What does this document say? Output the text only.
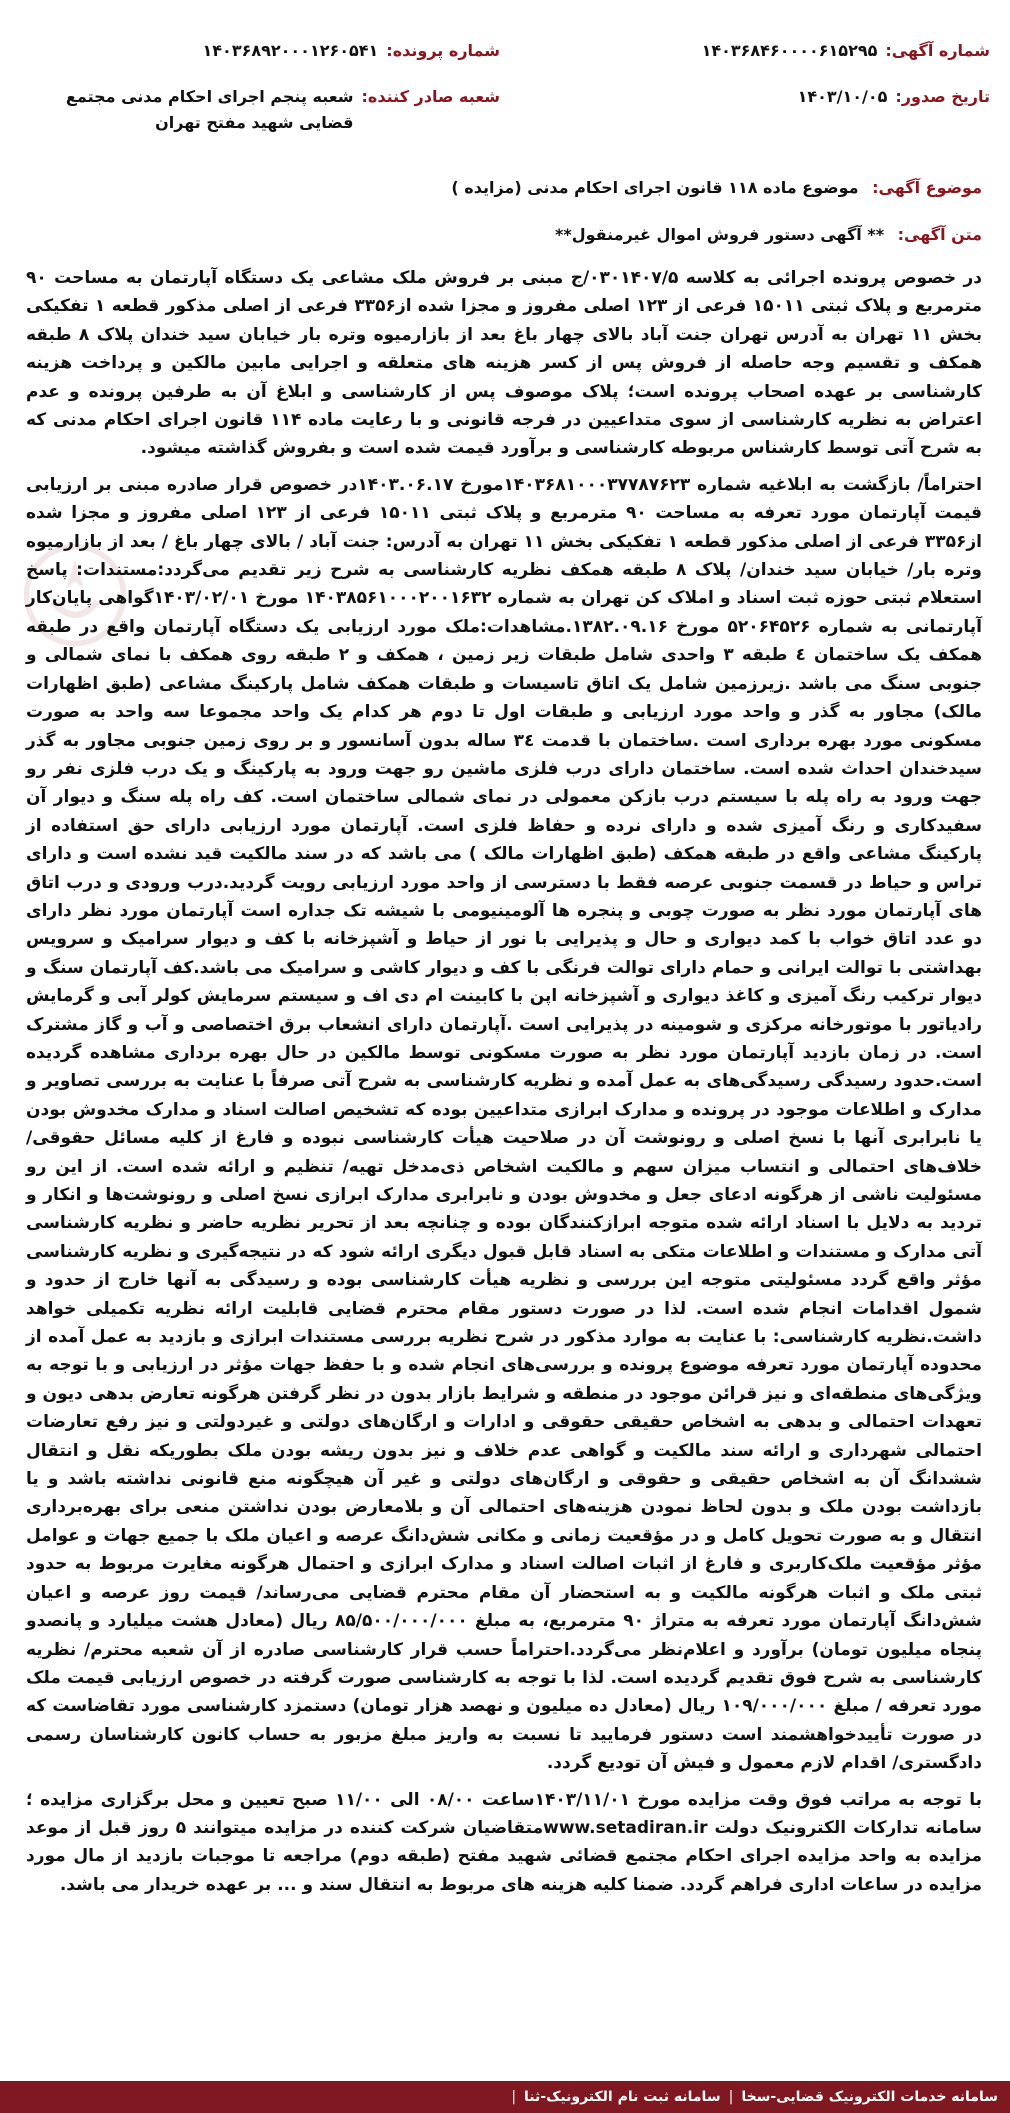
شماره آگهی:
۱۴۰۳۶۸۴۶۰۰۰۰۶۱۵۲۹۵
تاریخ صدور:
۱۴۰۳/۱۰/۰۵
شماره پرونده:
۱۴۰۳۶۸۹۲۰۰۰۱۲۶۰۵۴۱
شعبه صادر کننده:
شعبه پنجم اجرای احکام مدنی مجتمع قضایی شهید مفتح تهران
موضوع آگهی: موضوع ماده ۱۱۸ قانون اجرای احکام مدنی (مزایده )
متن آگهی: ** آگهی دستور فروش اموال غیرمنقول**

در خصوص پرونده اجرائی به کلاسه ۰۳۰۱۴۰۷/۵/ج مبنی بر فروش ملک مشاعی یک دستگاه آپارتمان به مساحت ۹۰ مترمربع و پلاک ثبتی ۱۵۰۱۱ فرعی از ۱۲۳ اصلی مفروز و مجزا شده از۳۳۵۶ فرعی از اصلی مذکور قطعه ۱ تفکیکی بخش ۱۱ تهران به آدرس تهران جنت آباد بالای چهار باغ بعد از بازارمیوه وتره بار خیابان سید خندان پلاک ۸ طبقه همکف و تقسیم وجه حاصله از فروش پس از کسر هزینه های متعلقه و اجرایی مابین مالکین و پرداخت هزینه کارشناسی بر عهده اصحاب پرونده است؛ پلاک موصوف پس از کارشناسی و ابلاغ آن به طرفین پرونده و عدم اعتراض به نظریه کارشناسی از سوی متداعیین در فرجه قانونی و با رعایت ماده ۱۱۴ قانون اجرای احکام مدنی که به شرح آتی توسط کارشناس مربوطه کارشناسی و برآورد قیمت شده است و بفروش گذاشته میشود.

احتراماً/ بازگشت به ابلاغیه شماره ۱۴۰۳۶۸۱۰۰۰۳۷۷۸۷۶۲۳مورخ ۱۴۰۳.۰۶.۱۷در خصوص قرار صادره مبنی بر ارزیابی قیمت آپارتمان مورد تعرفه به مساحت ۹۰ مترمربع و پلاک ثبتی ۱۵۰۱۱ فرعی از ۱۲۳ اصلی مفروز و مجزا شده از۳۳۵۶ فرعی از اصلی مذکور قطعه ۱ تفکیکی بخش ۱۱ تهران به آدرس: جنت آباد / بالای چهار باغ / بعد از بازارمیوه وتره بار/ خیابان سید خندان/ پلاک ۸ طبقه همکف نظریه کارشناسی به شرح زیر تقدیم می‌گردد:مستندات: پاسخ استعلام ثبتی حوزه ثبت اسناد و املاک کن تهران به شماره ۱۴۰۳۸۵۶۱۰۰۰۲۰۰۱۶۳۲ مورخ ۱۴۰۳/۰۲/۰۱گواهی پایان‌کار آپارتمانی به شماره ۵۲۰۶۴۵۲۶ مورخ ۱۳۸۲.۰۹.۱۶.مشاهدات:ملک مورد ارزیابی یک دستگاه آپارتمان واقع در طبقه همکف یک ساختمان ٤ طبقه ۳ واحدی شامل طبقات زیر زمین ، همکف و ۲ طبقه روی همکف با نمای شمالی و جنوبی سنگ می باشد .زیرزمین شامل یک اتاق تاسیسات و طبقات همکف شامل پارکینگ مشاعی (طبق اظهارات مالک) مجاور به گذر و واحد مورد ارزیابی و طبقات اول تا دوم هر کدام یک واحد مجموعا سه واحد به صورت مسکونی مورد بهره برداری است .ساختمان با قدمت ۳٤ ساله بدون آسانسور و بر روی زمین جنوبی مجاور به گذر سیدخندان احداث شده است. ساختمان دارای درب فلزی ماشین رو جهت ورود به پارکینگ و یک درب فلزی نفر رو جهت ورود به راه پله با سیستم درب بازکن معمولی در نمای شمالی ساختمان است. کف راه پله سنگ و دیوار آن سفیدکاری و رنگ آمیزی شده و دارای نرده و حفاظ فلزی است. آپارتمان مورد ارزیابی دارای حق استفاده از پارکینگ مشاعی واقع در طبقه همکف (طبق اظهارات مالک ) می باشد که در سند مالکیت قید نشده است و دارای تراس و حیاط در قسمت جنوبی عرصه فقط با دسترسی از واحد مورد ارزیابی رویت گردید.درب ورودی و درب اتاق های آپارتمان مورد نظر به صورت چوبی و پنجره ها آلومینیومی با شیشه تک جداره است آپارتمان مورد نظر دارای دو عدد اتاق خواب با کمد دیواری و حال و پذیرایی با نور از حیاط و آشپزخانه با کف و دیوار سرامیک و سرویس بهداشتی با توالت ایرانی و حمام دارای توالت فرنگی با کف و دیوار کاشی و سرامیک می باشد.کف آپارتمان سنگ و دیوار ترکیب رنگ آمیزی و کاغذ دیواری و آشپزخانه اپن با کابینت ام دی اف و سیستم سرمایش کولر آبی و گرمایش رادیاتور با موتورخانه مرکزی و شومینه در پذیرایی است .آپارتمان دارای انشعاب برق اختصاصی و آب و گاز مشترک است. در زمان بازدید آپارتمان مورد نظر به صورت مسکونی توسط مالکین در حال بهره برداری مشاهده گردیده است.حدود رسیدگی رسیدگی‌های به عمل آمده و نظریه کارشناسی به شرح آتی صرفاً با عنایت به بررسی تصاویر و مدارک و اطلاعات موجود در پرونده و مدارک ابرازی متداعیین بوده که تشخیص اصالت اسناد و مدارک مخدوش بودن یا نابرابری آنها با نسخ اصلی و رونوشت آن در صلاحیت هیأت کارشناسی نبوده و فارغ از کلیه مسائل حقوقی/ خلاف‌های احتمالی و انتساب میزان سهم و مالکیت اشخاص ذی‌مدخل تهیه/ تنظیم و ارائه شده است. از این رو مسئولیت ناشی از هرگونه ادعای جعل و مخدوش بودن و نابرابری مدارک ابرازی نسخ اصلی و رونوشت‌ها و انکار و تردید به دلایل با اسناد ارائه شده متوجه ابرازکنندگان بوده و چنانچه بعد از تحریر نظریه حاضر و نظریه کارشناسی آتی مدارک و مستندات و اطلاعات متکی به اسناد قابل قبول دیگری ارائه شود که در نتیجه‌گیری و نظریه کارشناسی مؤثر واقع گردد مسئولیتی متوجه این بررسی و نظریه هیأت کارشناسی بوده و رسیدگی به آنها خارج از حدود و شمول اقدامات انجام شده است. لذا در صورت دستور مقام محترم قضایی قابلیت ارائه نظریه تکمیلی خواهد داشت.نظریه کارشناسی: با عنایت به موارد مذکور در شرح نظریه بررسی مستندات ابرازی و بازدید به عمل آمده از محدوده آپارتمان مورد تعرفه موضوع پرونده و بررسی‌های انجام شده و با حفظ جهات مؤثر در ارزیابی و با توجه به ویژگی‌های منطقه‌ای و نیز قرائن موجود در منطقه و شرایط بازار بدون در نظر گرفتن هرگونه تعارض بدهی دیون و تعهدات احتمالی و بدهی به اشخاص حقیقی حقوقی و ادارات و ارگان‌های دولتی و غیردولتی و نیز رفع تعارضات احتمالی شهرداری و ارائه سند مالکیت و گواهی عدم خلاف و نیز بدون ریشه بودن ملک بطوریکه نقل و انتقال ششدانگ آن به اشخاص حقیقی و حقوقی و ارگان‌های دولتی و غیر آن هیچگونه منع قانونی نداشته باشد و یا بازداشت بودن ملک و بدون لحاظ نمودن هزینه‌های احتمالی آن و بلامعارض بودن نداشتن منعی برای بهره‌برداری انتقال و به صورت تحویل کامل و در مؤقعیت زمانی و مکانی شش‌دانگ عرصه و اعیان ملک با جمیع جهات و عوامل مؤثر مؤقعیت ملک‌کاربری و فارغ از اثبات اصالت اسناد و مدارک ابرازی و احتمال هرگونه مغایرت مربوط به حدود ثبتی ملک و اثبات هرگونه مالکیت و به استحضار آن مقام محترم قضایی می‌رساند/ قیمت روز عرصه و اعیان شش‌دانگ آپارتمان مورد تعرفه به متراژ ۹۰ مترمربع، به مبلغ ۸۵/۵۰۰/۰۰۰/۰۰۰ ریال (معادل هشت میلیارد و پانصدو پنجاه میلیون تومان) برآورد و اعلام‌نظر می‌گردد.احتراماً حسب قرار کارشناسی صادره از آن شعبه محترم/ نظریه کارشناسی به شرح فوق تقدیم گردیده است. لذا با توجه به کارشناسی صورت گرفته در خصوص ارزیابی قیمت ملک مورد تعرفه / مبلغ ۱۰۹/۰۰۰/۰۰۰ ریال (معادل ده میلیون و نهصد هزار تومان) دستمزد کارشناسی مورد تقاضاست که در صورت تأییدخواهشمند است دستور فرمایید تا نسبت به واریز مبلغ مزبور به حساب کانون کارشناسان رسمی دادگستری/ اقدام لازم معمول و فیش آن تودیع گردد.

با توجه به مراتب فوق وقت مزایده مورخ ۱۴۰۳/۱۱/۰۱ساعت ۰۸/۰۰ الی ۱۱/۰۰ صبح تعیین و محل برگزاری مزایده ؛سامانه تدارکات الکترونیک دولت www.setadiran.irمتقاضیان شرکت کننده در مزایده میتوانند ۵ روز قبل از موعد مزایده به واحد مزایده اجرای احکام مجتمع قضائی شهید مفتح (طبقه دوم) مراجعه تا موجبات بازدید از مال مورد مزایده در ساعات اداری فراهم گردد. ضمنا کلیه هزینه های مربوط به انتقال سند و ... بر عهده خریدار می باشد.

سامانه خدمات الکترونیک قضایی-سخا
|
سامانه ثبت نام الکترونیک-ثنا
|
